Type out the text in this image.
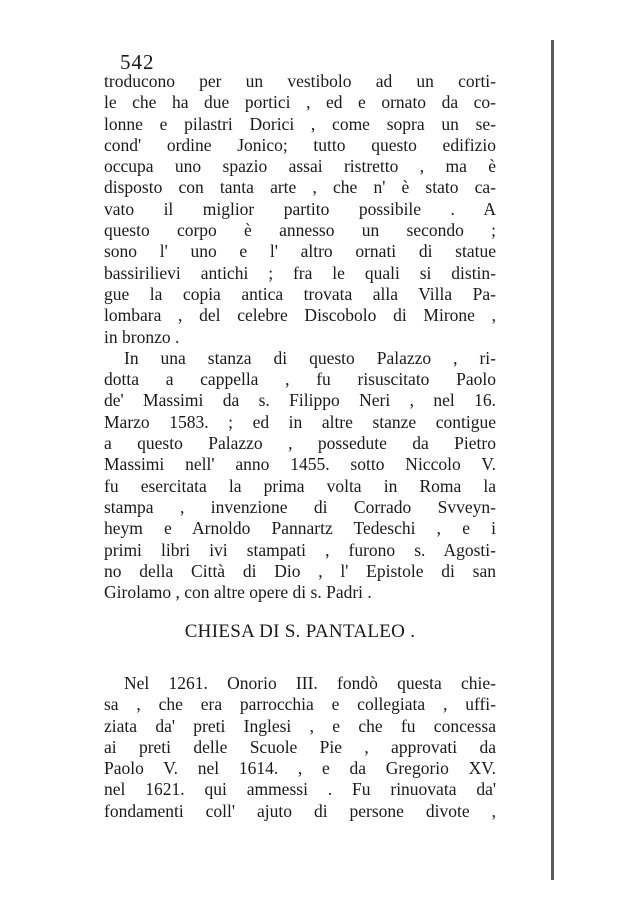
542
troducono per un vestibolo ad un corti-
le che ha due portici , ed e ornato da co-
lonne e pilastri Dorici , come sopra un se-
cond' ordine Jonico; tutto questo edifizio
occupa uno spazio assai ristretto , ma è
disposto con tanta arte , che n' è stato ca-
vato il miglior partito possibile . A
questo corpo è annesso un secondo ;
sono l' uno e l' altro ornati di statue
bassirilievi antichi ; fra le quali si distin-
gue la copia antica trovata alla Villa Pa-
lombara , del celebre Discobolo di Mirone ,
in bronzo .
In una stanza di questo Palazzo , ri-
dotta a cappella , fu risuscitato Paolo
de' Massimi da s. Filippo Neri , nel 16.
Marzo 1583. ; ed in altre stanze contigue
a questo Palazzo , possedute da Pietro
Massimi nell' anno 1455. sotto Niccolo V.
fu esercitata la prima volta in Roma la
stampa , invenzione di Corrado Svveyn-
heym e Arnoldo Pannartz Tedeschi , e i
primi libri ivi stampati , furono s. Agosti-
no della Città di Dio , l' Epistole di san
Girolamo , con altre opere di s. Padri .
CHIESA DI S. PANTALEO .
Nel 1261. Onorio III. fondò questa chie-
sa , che era parrocchia e collegiata , uffi-
ziata da' preti Inglesi , e che fu concessa
ai preti delle Scuole Pie , approvati da
Paolo V. nel 1614. , e da Gregorio XV.
nel 1621. qui ammessi . Fu rinuovata da'
fondamenti coll' ajuto di persone divote ,
